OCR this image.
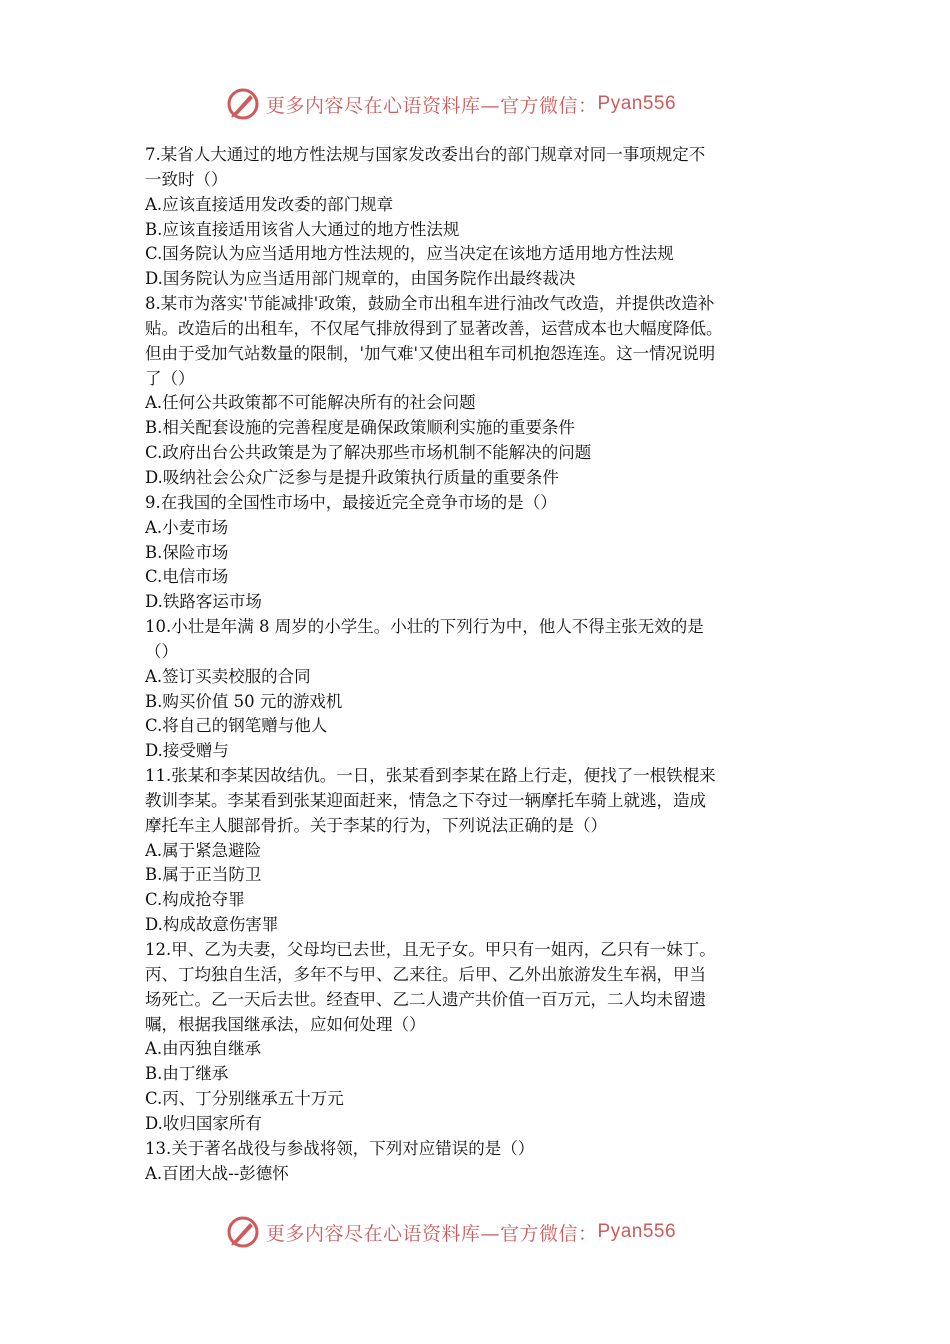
更多内容尽在心语资料库—官方微信： Pyan556
7.某省人大通过的地方性法规与国家发改委出台的部门规章对同一事项规定不
一致时（）
A.应该直接适用发改委的部门规章
B.应该直接适用该省人大通过的地方性法规
C.国务院认为应当适用地方性法规的，应当决定在该地方适用地方性法规
D.国务院认为应当适用部门规章的，由国务院作出最终裁决
8.某市为落实'节能减排'政策，鼓励全市出租车进行油改气改造，并提供改造补
贴。改造后的出租车，不仅尾气排放得到了显著改善，运营成本也大幅度降低。
但由于受加气站数量的限制，'加气难'又使出租车司机抱怨连连。这一情况说明
了（）
A.任何公共政策都不可能解决所有的社会问题
B.相关配套设施的完善程度是确保政策顺利实施的重要条件
C.政府出台公共政策是为了解决那些市场机制不能解决的问题
D.吸纳社会公众广泛参与是提升政策执行质量的重要条件
9.在我国的全国性市场中，最接近完全竞争市场的是（）
A.小麦市场
B.保险市场
C.电信市场
D.铁路客运市场
10.小壮是年满 8 周岁的小学生。小壮的下列行为中，他人不得主张无效的是
（）
A.签订买卖校服的合同
B.购买价值 50 元的游戏机
C.将自己的钢笔赠与他人
D.接受赠与
11.张某和李某因故结仇。一日，张某看到李某在路上行走，便找了一根铁棍来
教训李某。李某看到张某迎面赶来，情急之下夺过一辆摩托车骑上就逃，造成
摩托车主人腿部骨折。关于李某的行为，下列说法正确的是（）
A.属于紧急避险
B.属于正当防卫
C.构成抢夺罪
D.构成故意伤害罪
12.甲、乙为夫妻，父母均已去世，且无子女。甲只有一姐丙，乙只有一妹丁。
丙、丁均独自生活，多年不与甲、乙来往。后甲、乙外出旅游发生车祸，甲当
场死亡。乙一天后去世。经查甲、乙二人遗产共价值一百万元，二人均未留遗
嘱，根据我国继承法，应如何处理（）
A.由丙独自继承
B.由丁继承
C.丙、丁分别继承五十万元
D.收归国家所有
13.关于著名战役与参战将领，下列对应错误的是（）
A.百团大战--彭德怀
更多内容尽在心语资料库—官方微信： Pyan556
